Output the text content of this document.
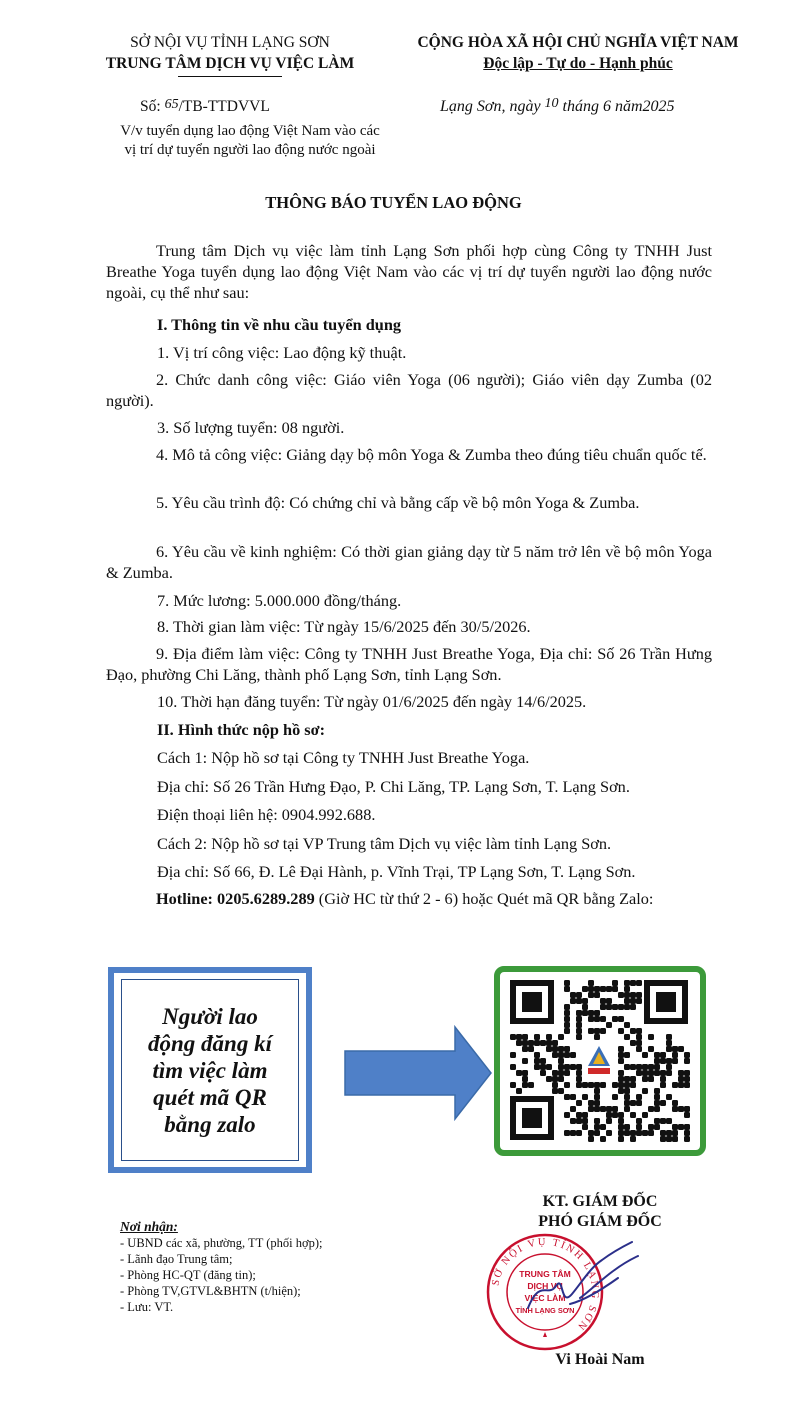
SỞ NỘI VỤ TỈNH LẠNG SƠN
TRUNG TÂM DỊCH VỤ VIỆC LÀM
CỘNG HÒA XÃ HỘI CHỦ NGHĨA VIỆT NAM
Độc lập - Tự do - Hạnh phúc
Số: 65/TB-TTDVVL	Lạng Sơn, ngày 10 tháng 6 năm2025
V/v tuyển dụng lao động Việt Nam vào các
vị trí dự tuyển người lao động nước ngoài
THÔNG BÁO TUYỂN LAO ĐỘNG
Trung tâm Dịch vụ việc làm tỉnh Lạng Sơn phối hợp cùng Công ty TNHH Just Breathe Yoga tuyển dụng lao động Việt Nam vào các vị trí dự tuyển người lao động nước ngoài, cụ thể như sau:
I. Thông tin về nhu cầu tuyển dụng
1. Vị trí công việc: Lao động kỹ thuật.
2. Chức danh công việc: Giáo viên Yoga (06 người); Giáo viên dạy Zumba (02 người).
3. Số lượng tuyển: 08 người.
4. Mô tả công việc: Giảng dạy bộ môn Yoga & Zumba theo đúng tiêu chuẩn quốc tế.
5. Yêu cầu trình độ: Có chứng chỉ và bằng cấp về bộ môn Yoga & Zumba.
6. Yêu cầu về kinh nghiệm: Có thời gian giảng dạy từ 5 năm trở lên về bộ môn Yoga & Zumba.
7. Mức lương: 5.000.000 đồng/tháng.
8. Thời gian làm việc: Từ ngày 15/6/2025 đến 30/5/2026.
9. Địa điểm làm việc: Công ty TNHH Just Breathe Yoga, Địa chỉ: Số 26 Trần Hưng Đạo, phường Chi Lăng, thành phố Lạng Sơn, tỉnh Lạng Sơn.
10. Thời hạn đăng tuyển: Từ ngày 01/6/2025 đến ngày 14/6/2025.
II. Hình thức nộp hồ sơ:
Cách 1: Nộp hồ sơ tại Công ty TNHH Just Breathe Yoga.
Địa chỉ: Số 26 Trần Hưng Đạo, P. Chi Lăng, TP. Lạng Sơn, T. Lạng Sơn.
Điện thoại liên hệ: 0904.992.688.
Cách 2: Nộp hồ sơ tại VP Trung tâm Dịch vụ việc làm tỉnh Lạng Sơn.
Địa chỉ: Số 66, Đ. Lê Đại Hành, p. Vĩnh Trại, TP Lạng Sơn, T. Lạng Sơn.
Hotline: 0205.6289.289 (Giờ HC từ thứ 2 - 6) hoặc Quét mã QR bằng Zalo:
Người lao
động đăng kí
tìm việc làm
quét mã QR
bằng zalo
Nơi nhận:
- UBND các xã, phường, TT (phối hợp);
- Lãnh đạo Trung tâm;
- Phòng HC-QT (đăng tin);
- Phòng TV,GTVL&BHTN (t/hiện);
- Lưu: VT.
KT. GIÁM ĐỐC
PHÓ GIÁM ĐỐC
SỞ NỘI VỤ TỈNH LẠNG SƠN
TRUNG TÂM
DỊCH VỤ
VIỆC LÀM
TỈNH LẠNG SƠN
Vi Hoài Nam
